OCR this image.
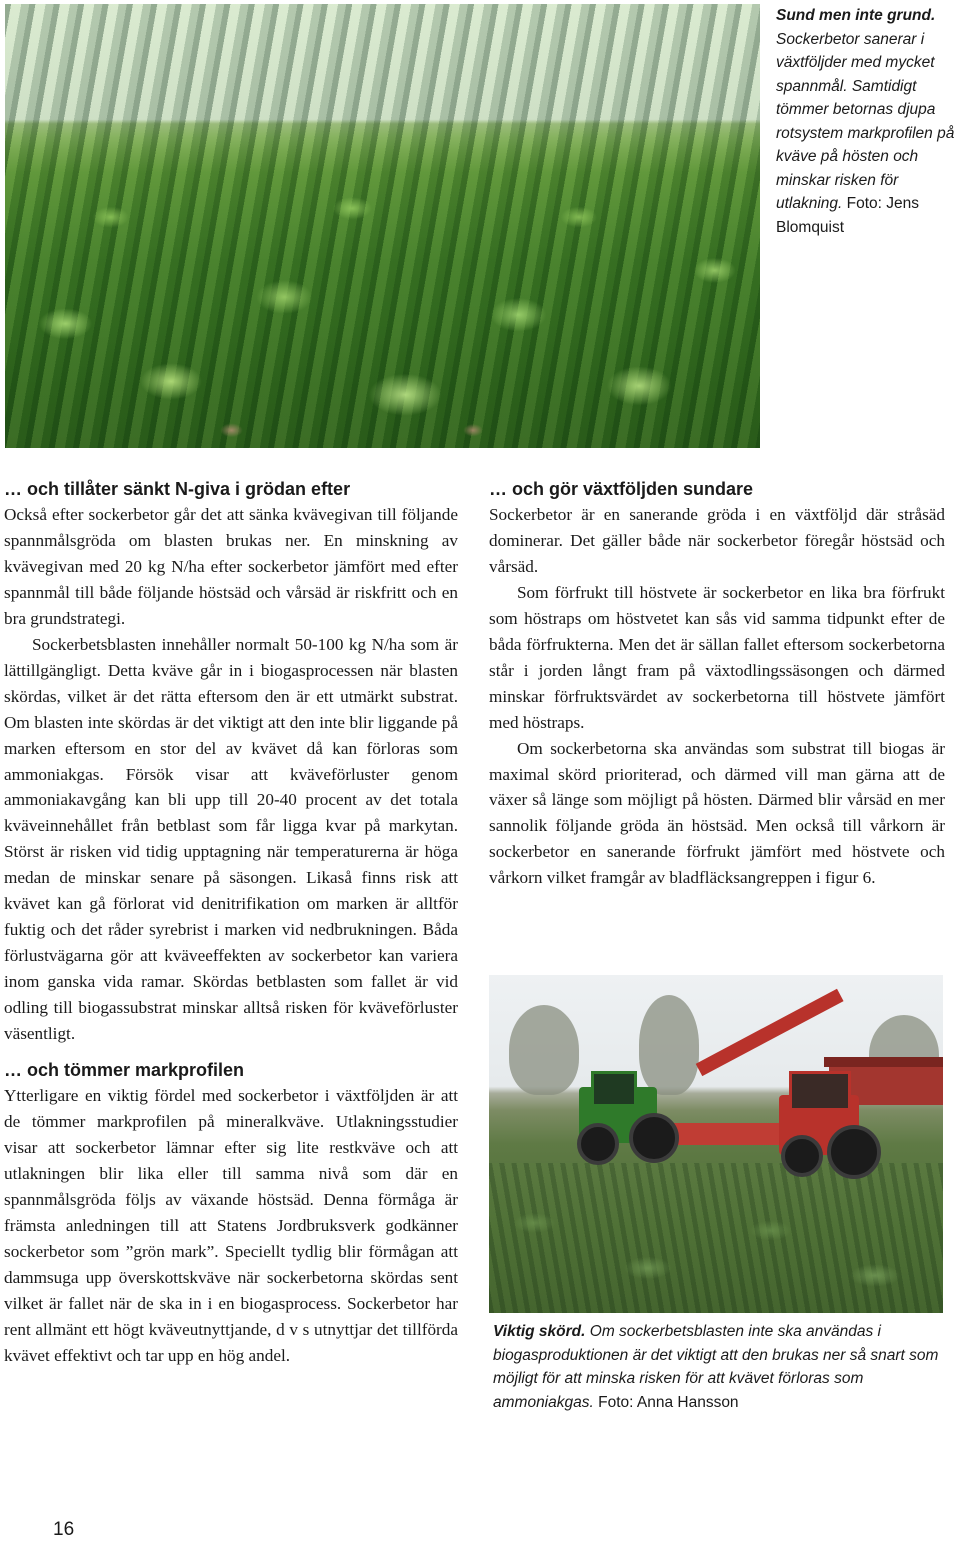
Sund men inte grund. Sockerbetor sanerar i växtföljder med mycket spannmål. Samtidigt tömmer betornas djupa rotsystem markprofilen på kväve på hösten och minskar risken för utlakning. Foto: Jens Blomquist
… och tillåter sänkt N-giva i grödan efter

Också efter sockerbetor går det att sänka kvävegivan till följande spannmålsgröda om blasten brukas ner. En minskning av kvävegivan med 20 kg N/ha efter sockerbetor jämfört med efter spannmål till både följande höstsäd och vårsäd är riskfritt och en bra grundstrategi.

Sockerbetsblasten innehåller normalt 50-100 kg N/ha som är lättillgängligt. Detta kväve går in i biogasprocessen när blasten skördas, vilket är det rätta eftersom den är ett utmärkt substrat. Om blasten inte skördas är det viktigt att den inte blir liggande på marken eftersom en stor del av kvävet då kan förloras som ammoniakgas. Försök visar att kväveförluster genom ammoniakavgång kan bli upp till 20-40 procent av det totala kväveinnehållet från betblast som får ligga kvar på markytan. Störst är risken vid tidig upptagning när temperaturerna är höga medan de minskar senare på säsongen. Likaså finns risk att kvävet kan gå förlorat vid denitrifikation om marken är alltför fuktig och det råder syrebrist i marken vid nedbrukningen. Båda förlustvägarna gör att kväveeffekten av sockerbetor kan variera inom ganska vida ramar. Skördas betblasten som fallet är vid odling till biogassubstrat minskar alltså risken för kväveförluster väsentligt.

… och tömmer markprofilen

Ytterligare en viktig fördel med sockerbetor i växtföljden är att de tömmer markprofilen på mineralkväve. Utlakningsstudier visar att sockerbetor lämnar efter sig lite restkväve och att utlakningen blir lika eller till samma nivå som där en spannmålsgröda följs av växande höstsäd. Denna förmåga är främsta anledningen till att Statens Jordbruksverk godkänner sockerbetor som ”grön mark”. Speciellt tydlig blir förmågan att dammsuga upp överskottskväve när sockerbetorna skördas sent vilket är fallet när de ska in i en biogasprocess. Sockerbetor har rent allmänt ett högt kväveutnyttjande, d v s utnyttjar det tillförda kvävet effektivt och tar upp en hög andel.

… och gör växtföljden sundare

Sockerbetor är en sanerande gröda i en växtföljd där stråsäd dominerar. Det gäller både när sockerbetor föregår höstsäd och vårsäd.

Som förfrukt till höstvete är sockerbetor en lika bra förfrukt som höstraps om höstvetet kan sås vid samma tidpunkt efter de båda förfrukterna. Men det är sällan fallet eftersom sockerbetorna står i jorden långt fram på växtodlingssäsongen och därmed minskar förfruktsvärdet av sockerbetorna till höstvete jämfört med höstraps.

Om sockerbetorna ska användas som substrat till biogas är maximal skörd prioriterad, och därmed vill man gärna att de växer så länge som möjligt på hösten. Därmed blir vårsäd en mer sannolik följande gröda än höstsäd. Men också till vårkorn är sockerbetor en sanerande förfrukt jämfört med höstvete och vårkorn vilket framgår av bladfläcksangreppen i figur 6.

Viktig skörd. Om sockerbetsblasten inte ska användas i biogasproduktionen är det viktigt att den brukas ner så snart som möjligt för att minska risken för att kvävet förloras som ammoniakgas. Foto: Anna Hansson
16
